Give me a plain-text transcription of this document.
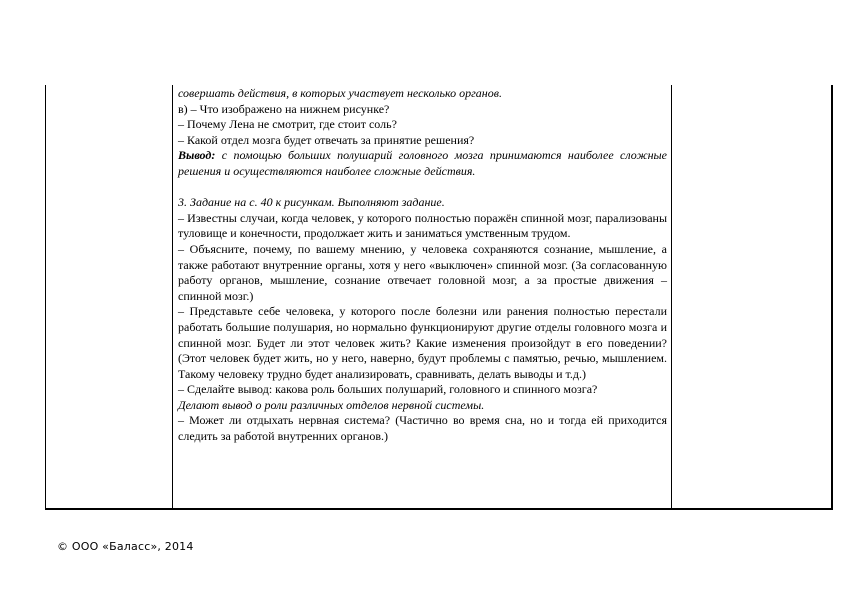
совершать действия, в которых участвует несколько органов.

в) – Что изображено на нижнем рисунке?

– Почему Лена не смотрит, где стоит соль?

– Какой отдел мозга будет отвечать за принятие решения?

Вывод: с помощью больших полушарий головного мозга принимаются наиболее сложные решения и осуществляются наиболее сложные действия.

3. Задание на с. 40 к рисункам. Выполняют задание.

– Известны случаи, когда человек, у которого полностью поражён спинной мозг, парализованы туловище и конечности, продолжает жить и заниматься умственным трудом.

– Объясните, почему, по вашему мнению, у человека сохраняются сознание, мышление, а также работают внутренние органы, хотя у него «выключен» спинной мозг. (За согласованную работу органов, мышление, сознание отвечает головной мозг, а за простые движения – спинной мозг.)

– Представьте себе человека, у которого после болезни или ранения полностью перестали работать большие полушария, но нормально функционируют другие отделы головного мозга и спинной мозг. Будет ли этот человек жить? Какие изменения произойдут в его поведении? (Этот человек будет жить, но у него, наверно, будут проблемы с памятью, речью, мышлением. Такому человеку трудно будет анализировать, сравнивать, делать выводы и т.д.)

– Сделайте вывод: какова роль больших полушарий, головного и спинного мозга?

Делают вывод о роли различных отделов нервной системы.

– Может ли отдыхать нервная система? (Частично во время сна, но и тогда ей приходится следить за работой внутренних органов.)

© ООО «Баласс», 2014
